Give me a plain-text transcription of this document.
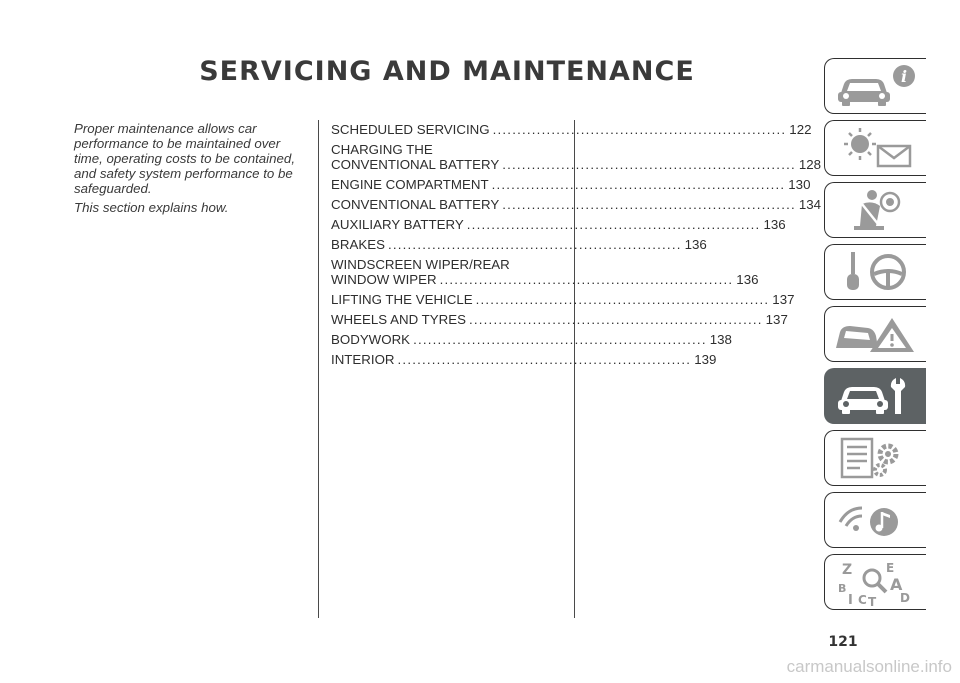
SERVICING AND MAINTENANCE

Proper maintenance allows car performance to be maintained over time, operating costs to be contained, and safety system performance to be safeguarded.

This section explains how.

SCHEDULED SERVICING ............................................................ 122
CHARGING THE
CONVENTIONAL BATTERY ............................................................ 128
ENGINE COMPARTMENT ............................................................ 130
CONVENTIONAL BATTERY ............................................................ 134
AUXILIARY BATTERY ............................................................ 136
BRAKES ............................................................ 136
WINDSCREEN WIPER/REAR
WINDOW WIPER ............................................................ 136
LIFTING THE VEHICLE ............................................................ 137
WHEELS AND TYRES ............................................................ 137
BODYWORK ............................................................ 138
INTERIOR ............................................................ 139
i
Z	E
B	A
I C T D
121
carmanualsonline.info
